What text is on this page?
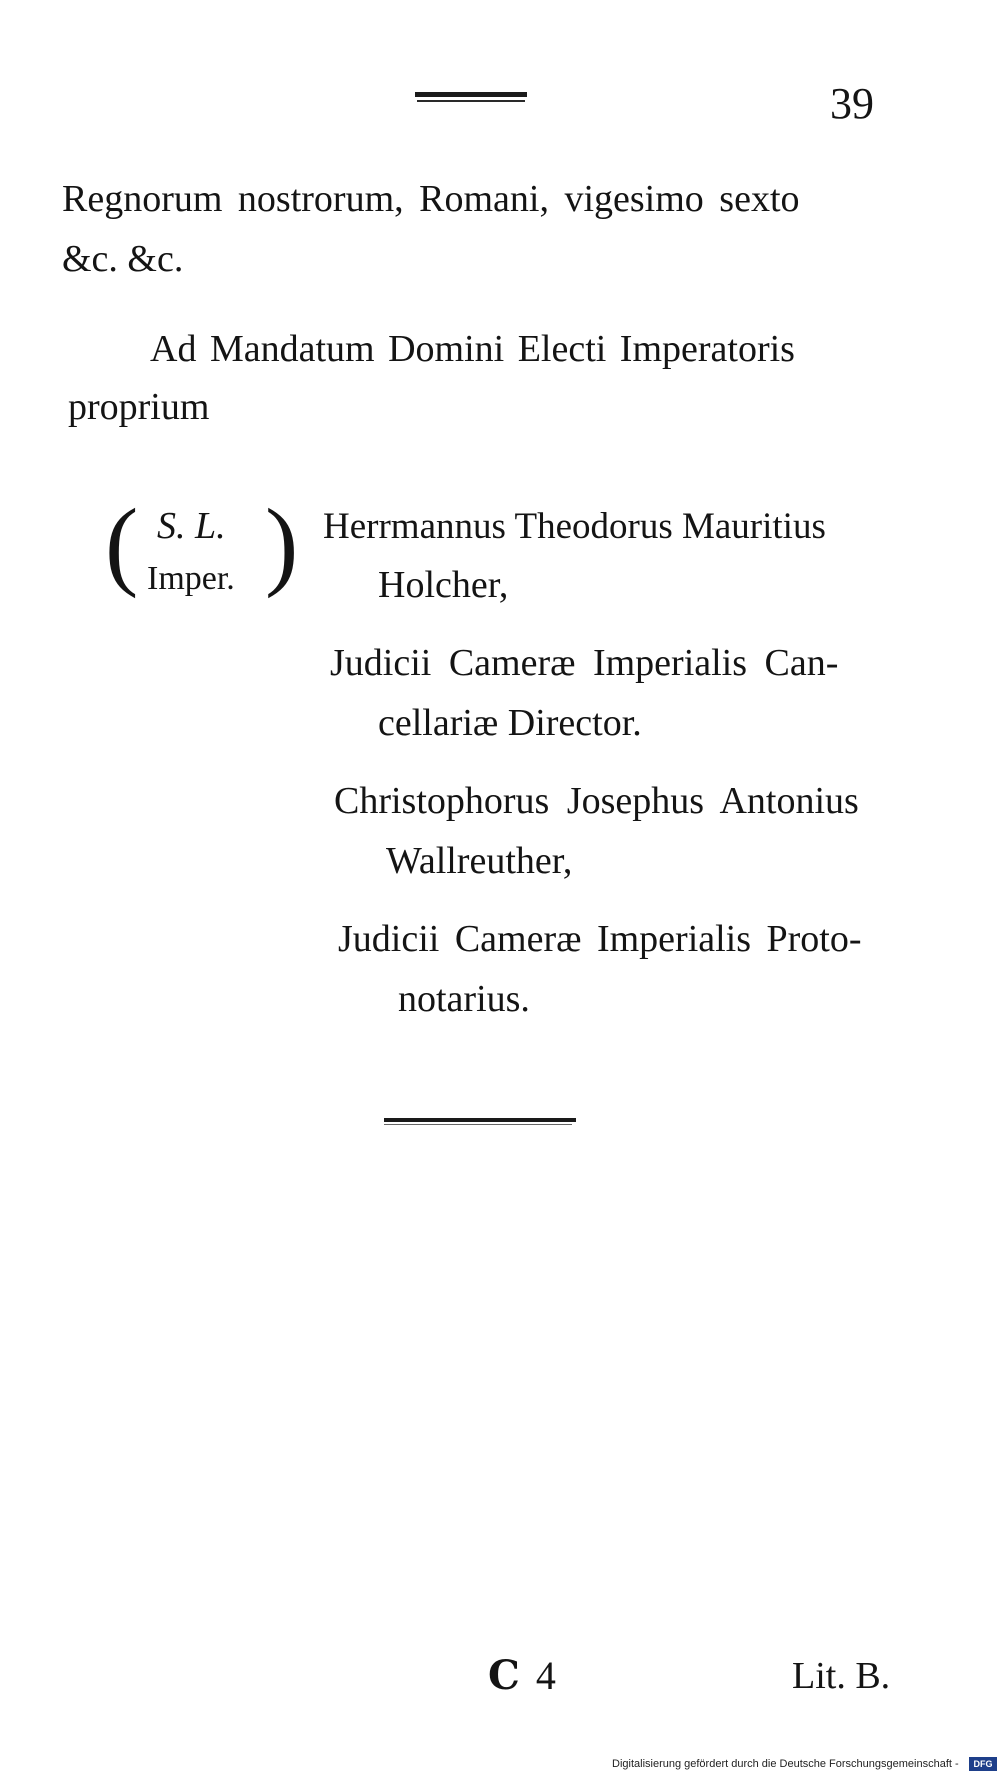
39
Regnorum nostrorum, Romani, vigesimo sexto
&c. &c.
Ad Mandatum Domini Electi Imperatoris
proprium
( S. L.
Imper. ) Herrmannus Theodorus Mauritius
Holcher,
Judicii Cameræ Imperialis Can-
cellariæ Director.
Christophorus Josephus Antonius
Wallreuther,
Judicii Cameræ Imperialis Proto-
notarius.
C 4	Lit. B.
Digitalisierung gefördert durch die Deutsche Forschungsgemeinschaft -	DFG
